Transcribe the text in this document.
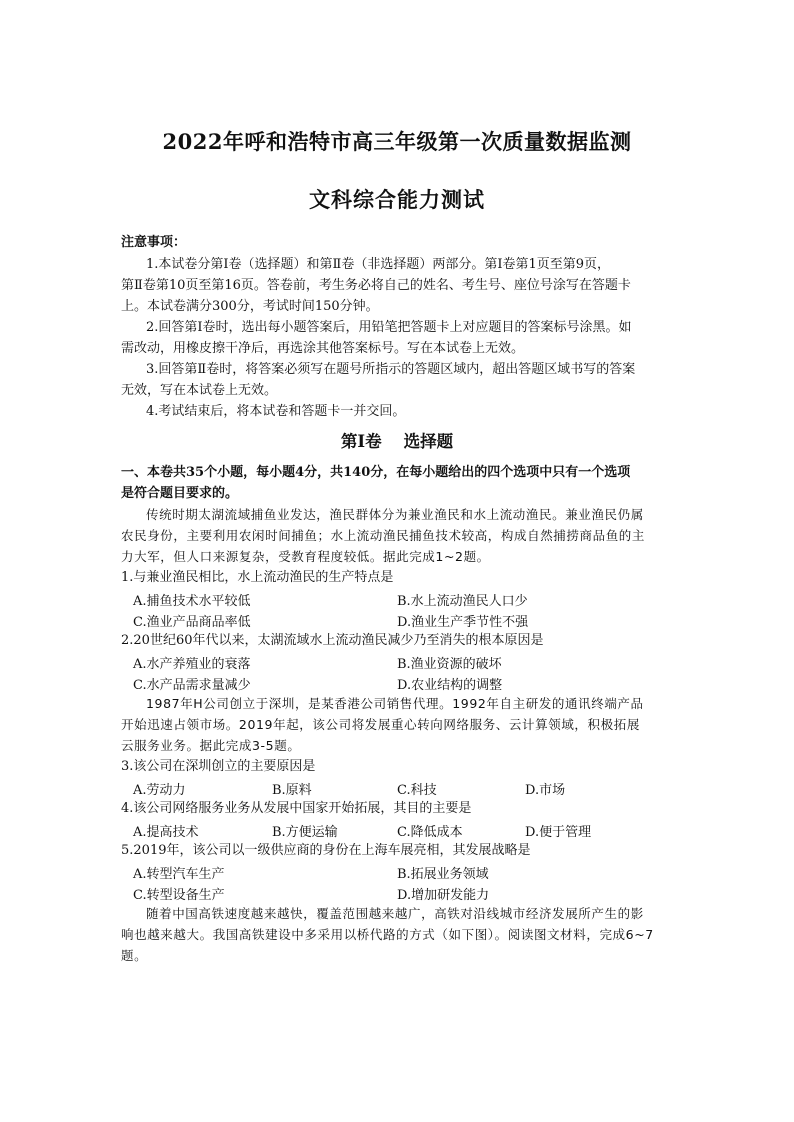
2022年呼和浩特市高三年级第一次质量数据监测
文科综合能力测试
注意事项：
1.本试卷分第Ⅰ卷（选择题）和第Ⅱ卷（非选择题）两部分。第Ⅰ卷第1页至第9页，
第Ⅱ卷第10页至第16页。答卷前，考生务必将自己的姓名、考生号、座位号涂写在答题卡
上。本试卷满分300分，考试时间150分钟。
2.回答第Ⅰ卷时，选出每小题答案后，用铅笔把答题卡上对应题目的答案标号涂黑。如
需改动，用橡皮擦干净后，再选涂其他答案标号。写在本试卷上无效。
3.回答第Ⅱ卷时，将答案必须写在题号所指示的答题区域内，超出答题区域书写的答案
无效，写在本试卷上无效。
4.考试结束后，将本试卷和答题卡一并交回。
第Ⅰ卷 选择题
一、本卷共35个小题，每小题4分，共140分，在每小题给出的四个选项中只有一个选项
是符合题目要求的。
传统时期太湖流域捕鱼业发达，渔民群体分为兼业渔民和水上流动渔民。兼业渔民仍属
农民身份，主要利用农闲时间捕鱼；水上流动渔民捕鱼技术较高，构成自然捕捞商品鱼的主
力大军，但人口来源复杂，受教育程度较低。据此完成1~2题。
1.与兼业渔民相比，水上流动渔民的生产特点是
A.捕鱼技术水平较低	B.水上流动渔民人口少
C.渔业产品商品率低	D.渔业生产季节性不强
2.20世纪60年代以来，太湖流域水上流动渔民减少乃至消失的根本原因是
A.水产养殖业的衰落	B.渔业资源的破坏
C.水产品需求量减少	D.农业结构的调整
1987年H公司创立于深圳，是某香港公司销售代理。1992年自主研发的通讯终端产品
开始迅速占领市场。2019年起，该公司将发展重心转向网络服务、云计算领域，积极拓展
云服务业务。据此完成3-5题。
3.该公司在深圳创立的主要原因是
A.劳动力	B.原料	C.科技	D.市场
4.该公司网络服务业务从发展中国家开始拓展，其目的主要是
A.提高技术	B.方便运输	C.降低成本	D.便于管理
5.2019年，该公司以一级供应商的身份在上海车展亮相，其发展战略是
A.转型汽车生产	B.拓展业务领域
C.转型设备生产	D.增加研发能力
随着中国高铁速度越来越快，覆盖范围越来越广，高铁对沿线城市经济发展所产生的影
响也越来越大。我国高铁建设中多采用以桥代路的方式（如下图）。阅读图文材料，完成6~7
题。
